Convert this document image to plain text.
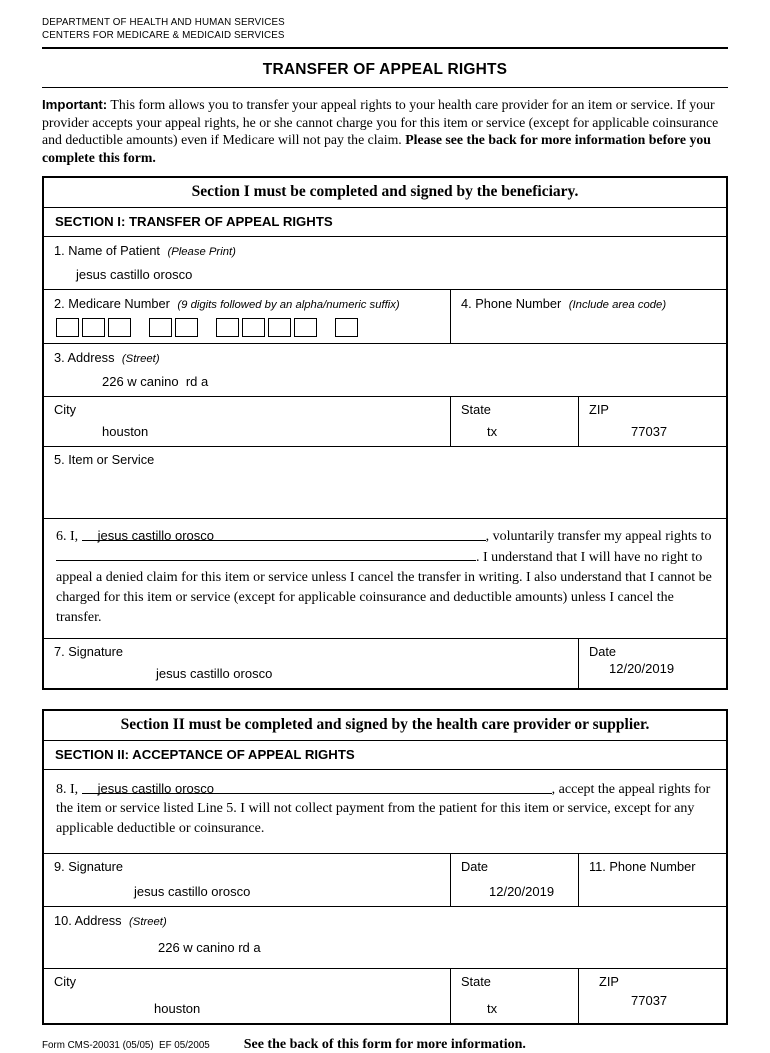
DEPARTMENT OF HEALTH AND HUMAN SERVICES
CENTERS FOR MEDICARE & MEDICAID SERVICES
TRANSFER OF APPEAL RIGHTS

Important: This form allows you to transfer your appeal rights to your health care provider for an item or service. If your provider accepts your appeal rights, he or she cannot charge you for this item or service (except for applicable coinsurance and deductible amounts) even if Medicare will not pay the claim. Please see the back for more information before you complete this form.

Section I must be completed and signed by the beneficiary.
SECTION I: TRANSFER OF APPEAL RIGHTS
1. Name of Patient (Please Print)
jesus castillo orosco
2. Medicare Number (9 digits followed by an alpha/numeric suffix)	4. Phone Number (Include area code)
3. Address (Street)
226 w canino  rd a
City
houston
State
tx
ZIP
77037
5. Item or Service
6. I, jesus castillo orosco	, voluntarily transfer my appeal rights to . I understand that I will have no right to appeal a denied claim for this item or service unless I cancel the transfer in writing. I also understand that I cannot be charged for this item or service (except for applicable coinsurance and deductible amounts) unless I cancel the transfer.
7. Signature
jesus castillo orosco
Date
12/20/2019
Section II must be completed and signed by the health care provider or supplier.
SECTION II: ACCEPTANCE OF APPEAL RIGHTS
8. I, jesus castillo orosco	, accept the appeal rights for the item or service listed Line 5. I will not collect payment from the patient for this item or service, except for any applicable deductible or coinsurance.
9. Signature
jesus castillo orosco
Date
12/20/2019
11. Phone Number
10. Address (Street)
226 w canino rd a
City
houston
State
tx
ZIP
77037
Form CMS-20031 (05/05)  EF 05/2005 See the back of this form for more information.
